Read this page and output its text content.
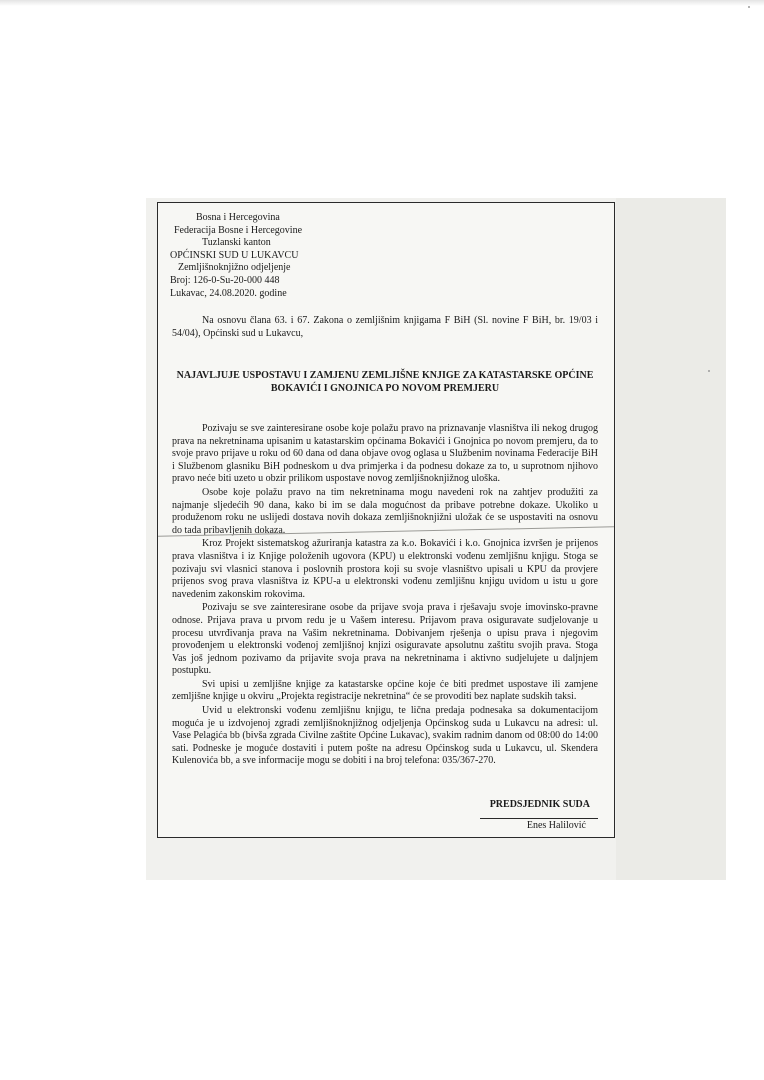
Bosna i Hercegovina
Federacija Bosne i Hercegovine
Tuzlanski kanton
OPĆINSKI SUD U LUKAVCU
Zemljišnoknjižno odjeljenje
Broj: 126-0-Su-20-000 448
Lukavac, 24.08.2020. godine
Na osnovu člana 63. i 67. Zakona o zemljišnim knjigama F BiH (Sl. novine F BiH, br. 19/03 i 54/04), Općinski sud u Lukavcu,
NAJAVLJUJE USPOSTAVU I ZAMJENU ZEMLJIŠNE KNJIGE ZA KATASTARSKE OPĆINE BOKAVIĆI I GNOJNICA PO NOVOM PREMJERU

Pozivaju se sve zainteresirane osobe koje polažu pravo na priznavanje vlasništva ili nekog drugog prava na nekretninama upisanim u katastarskim općinama Bokavići i Gnojnica po novom premjeru, da to svoje pravo prijave u roku od 60 dana od dana objave ovog oglasa u Službenim novinama Federacije BiH i Službenom glasniku BiH podneskom u dva primjerka i da podnesu dokaze za to, u suprotnom njihovo pravo neće biti uzeto u obzir prilikom uspostave novog zemljišnoknjižnog uloška.

Osobe koje polažu pravo na tim nekretninama mogu navedeni rok na zahtjev produžiti za najmanje sljedećih 90 dana, kako bi im se dala mogućnost da pribave potrebne dokaze. Ukoliko u produženom roku ne uslijedi dostava novih dokaza zemljišnoknjižni uložak će se uspostaviti na osnovu do tada pribavljenih dokaza.

Kroz Projekt sistematskog ažuriranja katastra za k.o. Bokavići i k.o. Gnojnica izvršen je prijenos prava vlasništva i iz Knjige položenih ugovora (KPU) u elektronski vođenu zemljišnu knjigu. Stoga se pozivaju svi vlasnici stanova i poslovnih prostora koji su svoje vlasništvo upisali u KPU da provjere prijenos svog prava vlasništva iz KPU-a u elektronski vođenu zemljišnu knjigu uvidom u istu u gore navedenim zakonskim rokovima.

Pozivaju se sve zainteresirane osobe da prijave svoja prava i rješavaju svoje imovinsko-pravne odnose. Prijava prava u prvom redu je u Vašem interesu. Prijavom prava osiguravate sudjelovanje u procesu utvrđivanja prava na Vašim nekretninama. Dobivanjem rješenja o upisu prava i njegovim provođenjem u elektronski vođenoj zemljišnoj knjizi osiguravate apsolutnu zaštitu svojih prava. Stoga Vas još jednom pozivamo da prijavite svoja prava na nekretninama i aktivno sudjelujete u daljnjem postupku.

Svi upisi u zemljišne knjige za katastarske općine koje će biti predmet uspostave ili zamjene zemljišne knjige u okviru „Projekta registracije nekretnina“ će se provoditi bez naplate sudskih taksi.

Uvid u elektronski vođenu zemljišnu knjigu, te lična predaja podnesaka sa dokumentacijom moguća je u izdvojenoj zgradi zemljišnoknjižnog odjeljenja Općinskog suda u Lukavcu na adresi: ul. Vase Pelagića bb (bivša zgrada Civilne zaštite Općine Lukavac), svakim radnim danom od 08:00 do 14:00 sati. Podneske je moguće dostaviti i putem pošte na adresu Općinskog suda u Lukavcu, ul. Skendera Kulenovića bb, a sve informacije mogu se dobiti i na broj telefona: 035/367-270.

PREDSJEDNIK SUDA
Enes Halilović
